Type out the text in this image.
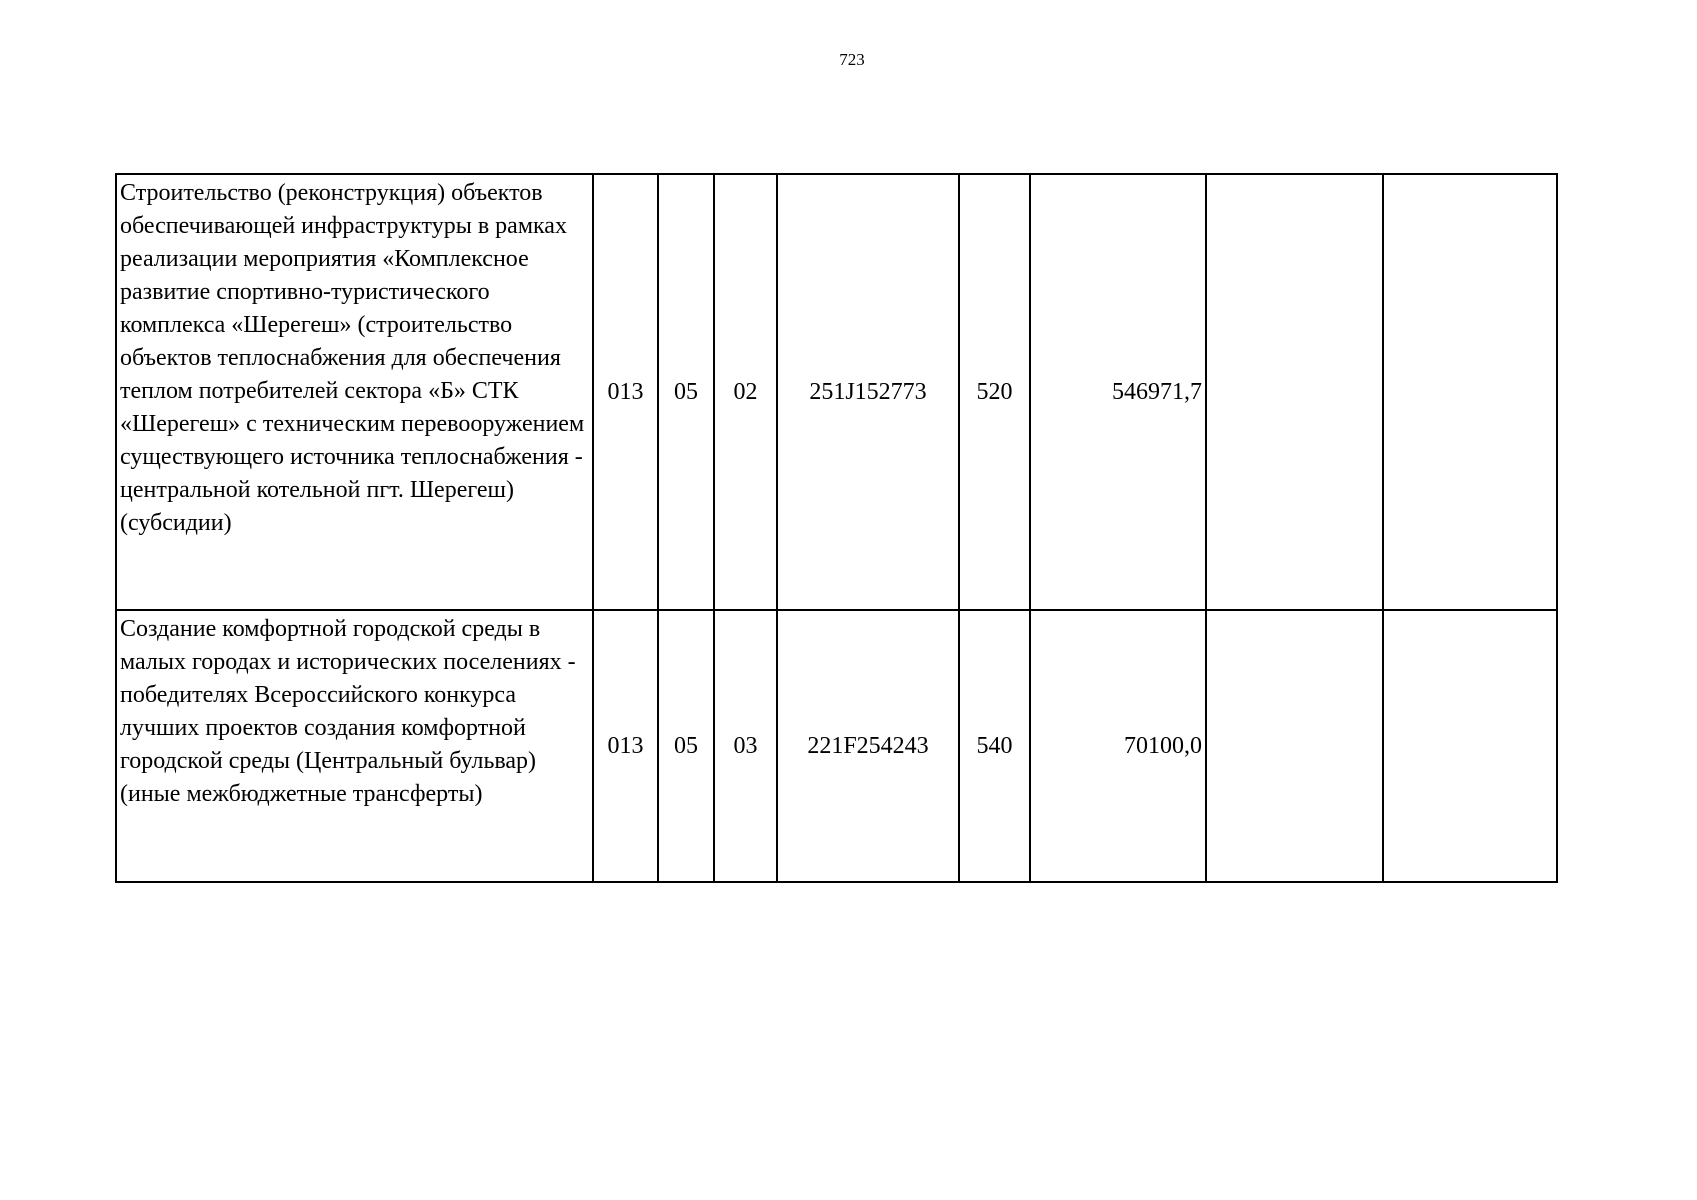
723
Строительство (реконструкция) объектов обеспечивающей инфраструктуры в рамках реализации мероприятия «Комплексное развитие спортивно-туристического комплекса «Шерегеш» (строительство объектов теплоснабжения для обеспечения теплом потребителей сектора «Б» СТК «Шерегеш» с техническим перевооружением существующего источника теплоснабжения - центральной котельной пгт. Шерегеш) (субсидии)	013	05	02	251J152773	520	546971,7		
Создание комфортной городской среды в малых городах и исторических поселениях - победителях Всероссийского конкурса лучших проектов создания комфортной городской среды (Центральный бульвар) (иные межбюджетные трансферты)	013	05	03	221F254243	540	70100,0		
